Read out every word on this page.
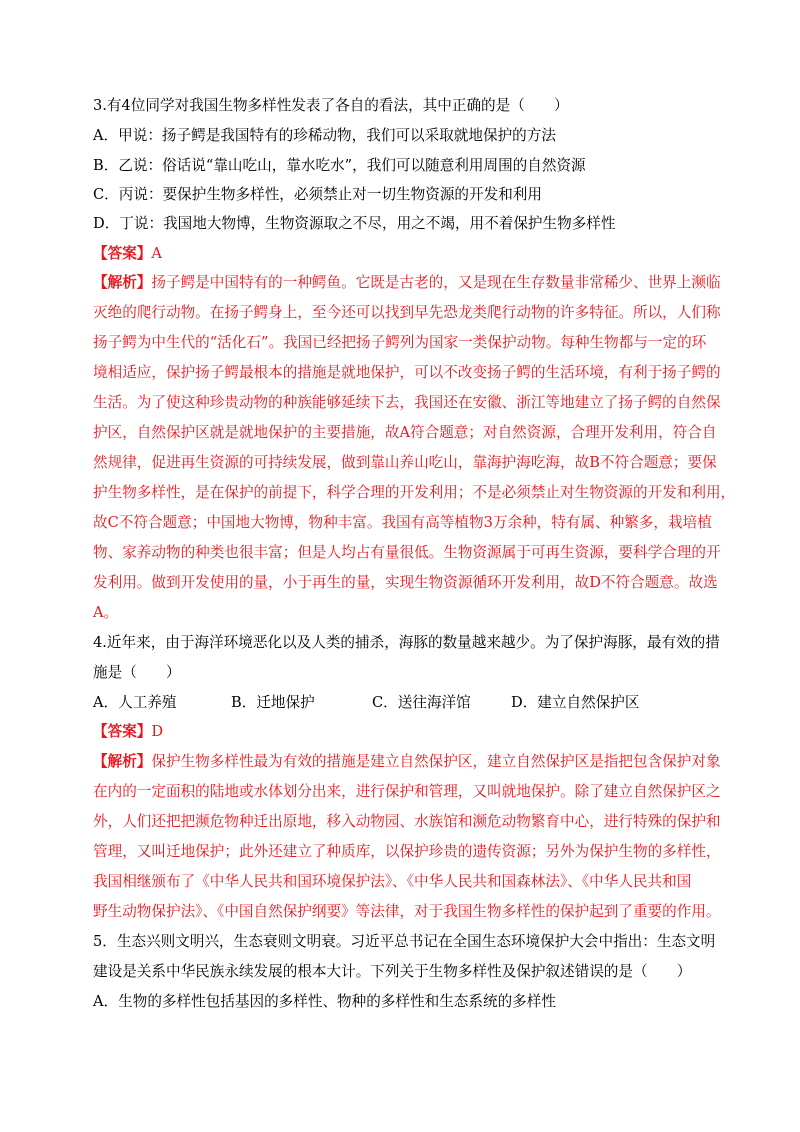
3.有4位同学对我国生物多样性发表了各自的看法，其中正确的是（　　）

A．甲说：扬子鳄是我国特有的珍稀动物，我们可以采取就地保护的方法

B．乙说：俗话说“靠山吃山，靠水吃水”，我们可以随意利用周围的自然资源

C．丙说：要保护生物多样性，必须禁止对一切生物资源的开发和利用

D．丁说：我国地大物博，生物资源取之不尽，用之不竭，用不着保护生物多样性

【答案】A

【解析】扬子鳄是中国特有的一种鳄鱼。它既是古老的，又是现在生存数量非常稀少、世界上濒临

灭绝的爬行动物。在扬子鳄身上，至今还可以找到早先恐龙类爬行动物的许多特征。所以，人们称

扬子鳄为中生代的“活化石”。我国已经把扬子鳄列为国家一类保护动物。每种生物都与一定的环

境相适应，保护扬子鳄最根本的措施是就地保护，可以不改变扬子鳄的生活环境，有利于扬子鳄的

生活。为了使这种珍贵动物的种族能够延续下去，我国还在安徽、浙江等地建立了扬子鳄的自然保

护区，自然保护区就是就地保护的主要措施，故A符合题意；对自然资源，合理开发利用，符合自

然规律，促进再生资源的可持续发展，做到靠山养山吃山，靠海护海吃海，故B不符合题意；要保

护生物多样性，是在保护的前提下，科学合理的开发利用；不是必须禁止对生物资源的开发和利用，

故C不符合题意；中国地大物博，物种丰富。我国有高等植物3万余种，特有属、种繁多，栽培植

物、家养动物的种类也很丰富；但是人均占有量很低。生物资源属于可再生资源，要科学合理的开

发利用。做到开发使用的量，小于再生的量，实现生物资源循环开发利用，故D不符合题意。故选

A。

4.近年来，由于海洋环境恶化以及人类的捕杀，海豚的数量越来越少。为了保护海豚，最有效的措

施是（　　）

A．人工养殖	B．迁地保护	C．送往海洋馆	D．建立自然保护区

【答案】D

【解析】保护生物多样性最为有效的措施是建立自然保护区，建立自然保护区是指把包含保护对象

在内的一定面积的陆地或水体划分出来，进行保护和管理，又叫就地保护。除了建立自然保护区之

外，人们还把把濒危物种迁出原地，移入动物园、水族馆和濒危动物繁育中心，进行特殊的保护和

管理，又叫迁地保护；此外还建立了种质库，以保护珍贵的遗传资源；另外为保护生物的多样性，

我国相继颁布了《中华人民共和国环境保护法》、《中华人民共和国森林法》、《中华人民共和国

野生动物保护法》、《中国自然保护纲要》等法律，对于我国生物多样性的保护起到了重要的作用。

5．生态兴则文明兴，生态衰则文明衰。习近平总书记在全国生态环境保护大会中指出：生态文明

建设是关系中华民族永续发展的根本大计。下列关于生物多样性及保护叙述错误的是（　　）

A．生物的多样性包括基因的多样性、物种的多样性和生态系统的多样性
